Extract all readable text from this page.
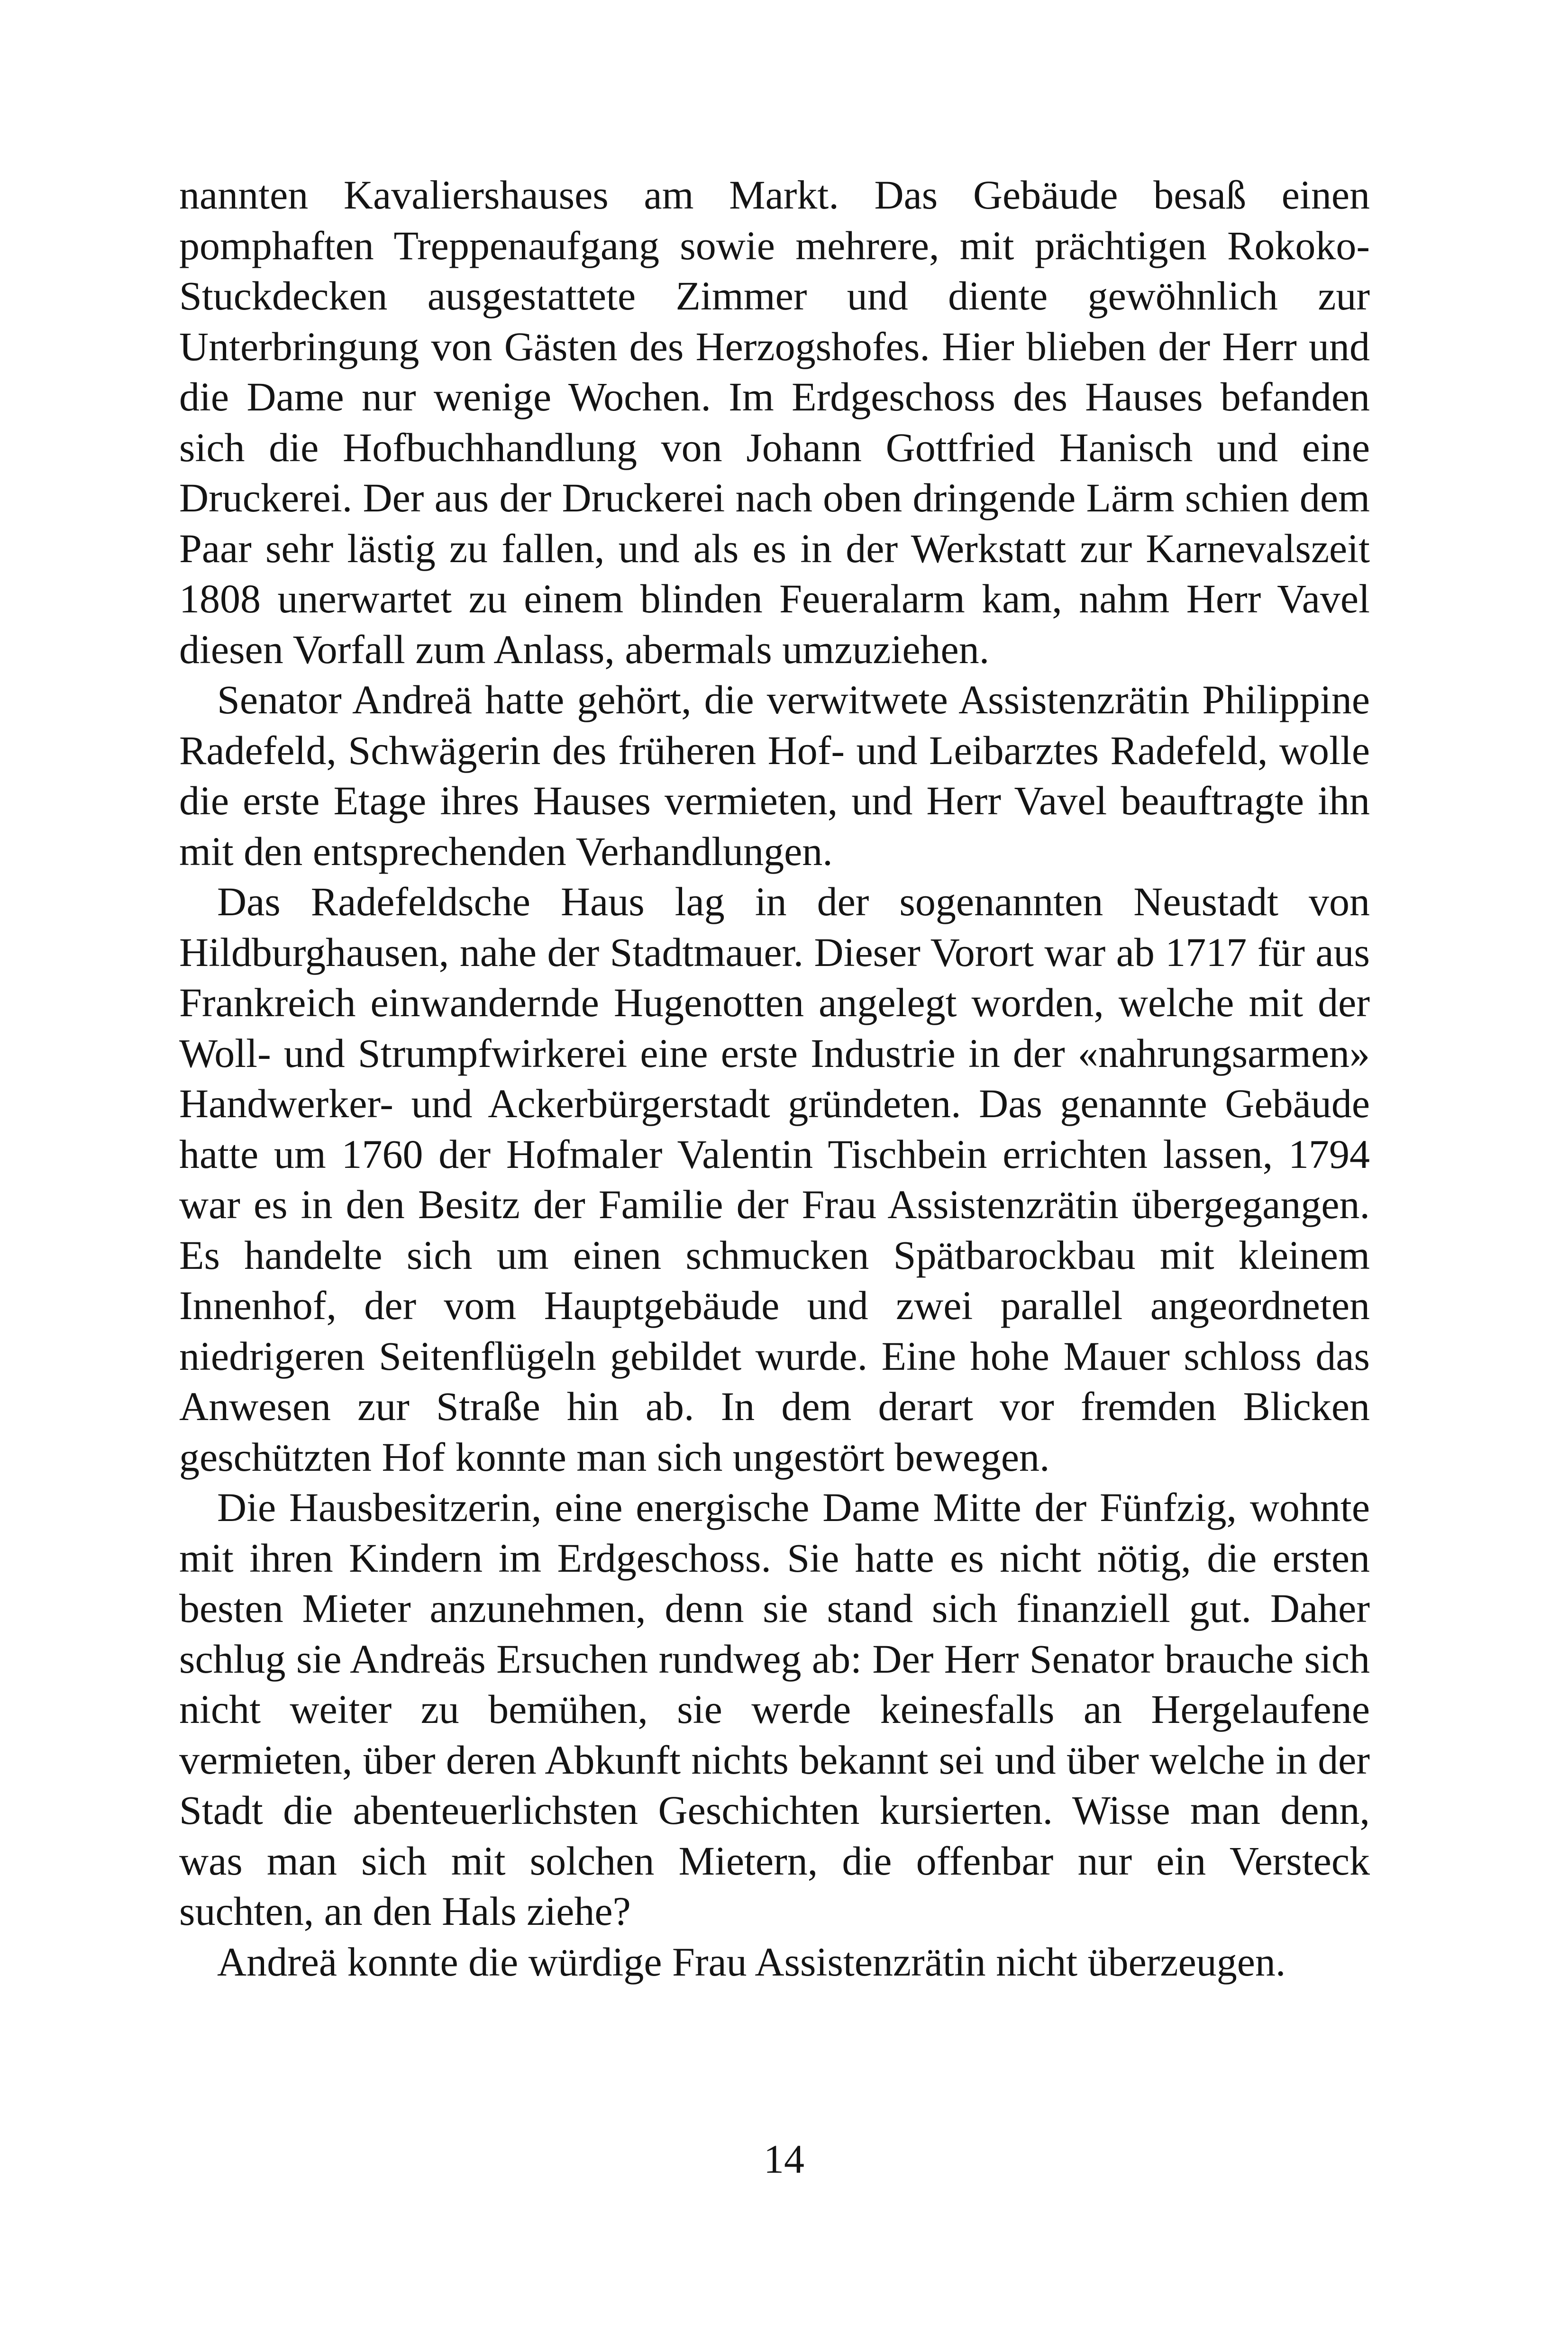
nannten Kavaliershauses am Markt. Das Gebäude besaß einen pomphaften Treppenaufgang sowie mehrere, mit prächtigen Rokoko-Stuckdecken ausgestattete Zimmer und diente gewöhnlich zur Unterbringung von Gästen des Herzogshofes. Hier blieben der Herr und die Dame nur wenige Wochen. Im Erdgeschoss des Hauses befanden sich die Hofbuchhandlung von Johann Gottfried Hanisch und eine Druckerei. Der aus der Druckerei nach oben dringende Lärm schien dem Paar sehr lästig zu fallen, und als es in der Werkstatt zur Karnevalszeit 1808 unerwartet zu einem blinden Feueralarm kam, nahm Herr Vavel diesen Vorfall zum Anlass, abermals umzuziehen.

Senator Andreä hatte gehört, die verwitwete Assistenzrätin Philippine Radefeld, Schwägerin des früheren Hof- und Leibarztes Radefeld, wolle die erste Etage ihres Hauses vermieten, und Herr Vavel beauftragte ihn mit den entsprechenden Verhandlungen.

Das Radefeldsche Haus lag in der sogenannten Neustadt von Hildburghausen, nahe der Stadtmauer. Dieser Vorort war ab 1717 für aus Frankreich einwandernde Hugenotten angelegt worden, welche mit der Woll- und Strumpfwirkerei eine erste Industrie in der «nahrungsarmen» Handwerker- und Ackerbürgerstadt gründeten. Das genannte Gebäude hatte um 1760 der Hofmaler Valentin Tischbein errichten lassen, 1794 war es in den Besitz der Familie der Frau Assistenzrätin übergegangen. Es handelte sich um einen schmucken Spätbarockbau mit kleinem Innenhof, der vom Hauptgebäude und zwei parallel angeordneten niedrigeren Seitenflügeln gebildet wurde. Eine hohe Mauer schloss das Anwesen zur Straße hin ab. In dem derart vor fremden Blicken geschützten Hof konnte man sich ungestört bewegen.

Die Hausbesitzerin, eine energische Dame Mitte der Fünfzig, wohnte mit ihren Kindern im Erdgeschoss. Sie hatte es nicht nötig, die ersten besten Mieter anzunehmen, denn sie stand sich finanziell gut. Daher schlug sie Andreäs Ersuchen rundweg ab: Der Herr Senator brauche sich nicht weiter zu bemühen, sie werde keinesfalls an Hergelaufene vermieten, über deren Abkunft nichts bekannt sei und über welche in der Stadt die abenteuerlichsten Geschichten kursierten. Wisse man denn, was man sich mit solchen Mietern, die offenbar nur ein Versteck suchten, an den Hals ziehe?

Andreä konnte die würdige Frau Assistenzrätin nicht überzeugen.

14
